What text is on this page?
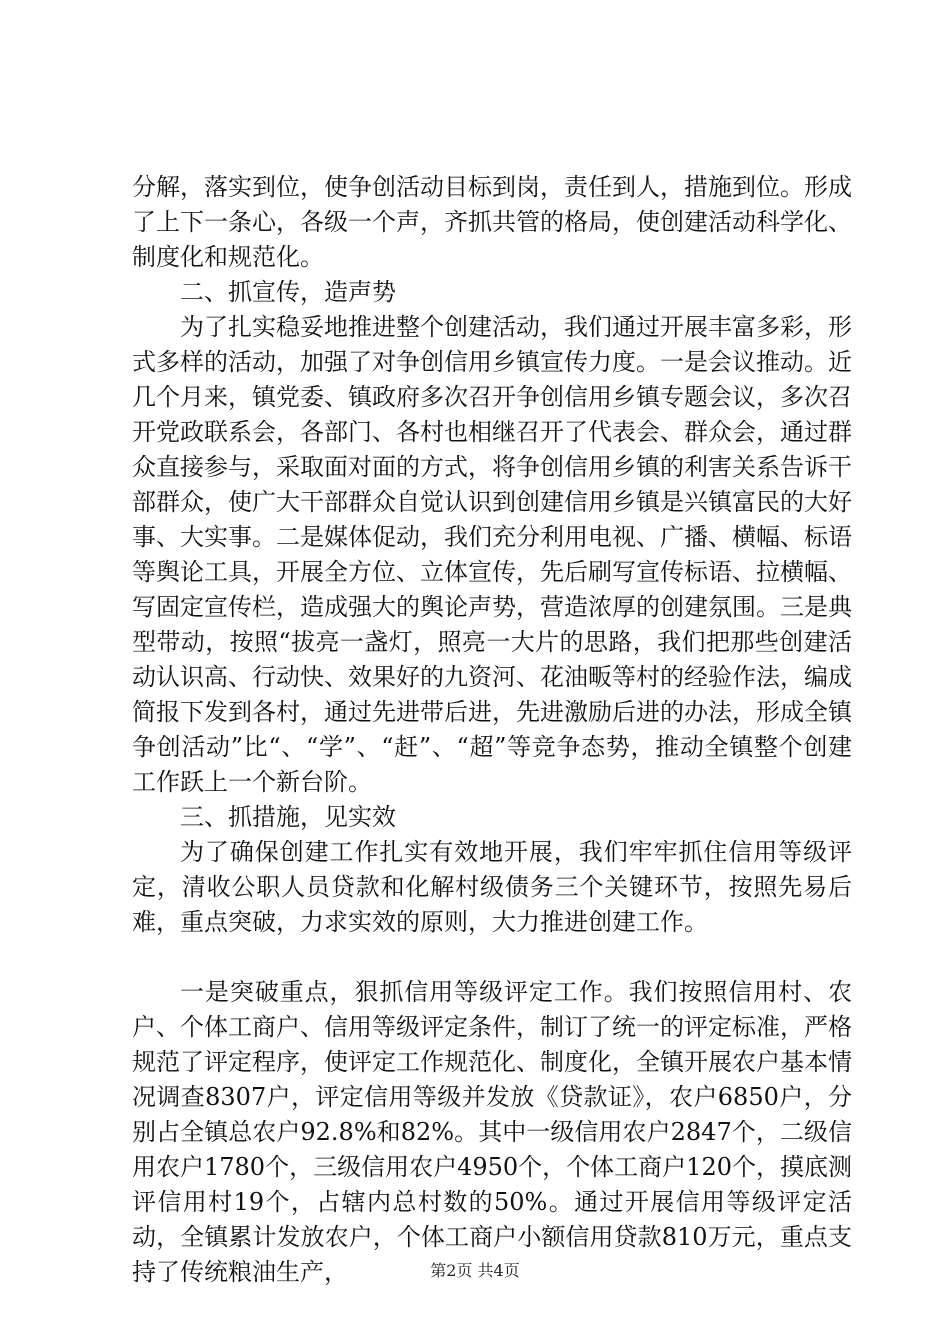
分解，落实到位，使争创活动目标到岗，责任到人，措施到位。形成了上下一条心，各级一个声，齐抓共管的格局，使创建活动科学化、制度化和规范化。

二、抓宣传，造声势

为了扎实稳妥地推进整个创建活动，我们通过开展丰富多彩，形式多样的活动，加强了对争创信用乡镇宣传力度。一是会议推动。近几个月来，镇党委、镇政府多次召开争创信用乡镇专题会议，多次召开党政联系会，各部门、各村也相继召开了代表会、群众会，通过群众直接参与，采取面对面的方式，将争创信用乡镇的利害关系告诉干部群众，使广大干部群众自觉认识到创建信用乡镇是兴镇富民的大好事、大实事。二是媒体促动，我们充分利用电视、广播、横幅、标语等舆论工具，开展全方位、立体宣传，先后刷写宣传标语、拉横幅、写固定宣传栏，造成强大的舆论声势，营造浓厚的创建氛围。三是典型带动，按照“拔亮一盏灯，照亮一大片的思路，我们把那些创建活动认识高、行动快、效果好的九资河、花油畈等村的经验作法，编成简报下发到各村，通过先进带后进，先进激励后进的办法，形成全镇争创活动”比“、“学”、“赶”、“超”等竞争态势，推动全镇整个创建工作跃上一个新台阶。

三、抓措施，见实效

为了确保创建工作扎实有效地开展，我们牢牢抓住信用等级评定，清收公职人员贷款和化解村级债务三个关键环节，按照先易后难，重点突破，力求实效的原则，大力推进创建工作。

一是突破重点，狠抓信用等级评定工作。我们按照信用村、农户、个体工商户、信用等级评定条件，制订了统一的评定标准，严格规范了评定程序，使评定工作规范化、制度化，全镇开展农户基本情况调查8307户，评定信用等级并发放《贷款证》，农户6850户，分别占全镇总农户92.8%和82%。其中一级信用农户2847个，二级信用农户1780个，三级信用农户4950个，个体工商户120个，摸底测评信用村19个，占辖内总村数的50%。通过开展信用等级评定活动，全镇累计发放农户，个体工商户小额信用贷款810万元，重点支持了传统粮油生产，	第2页 共4页
